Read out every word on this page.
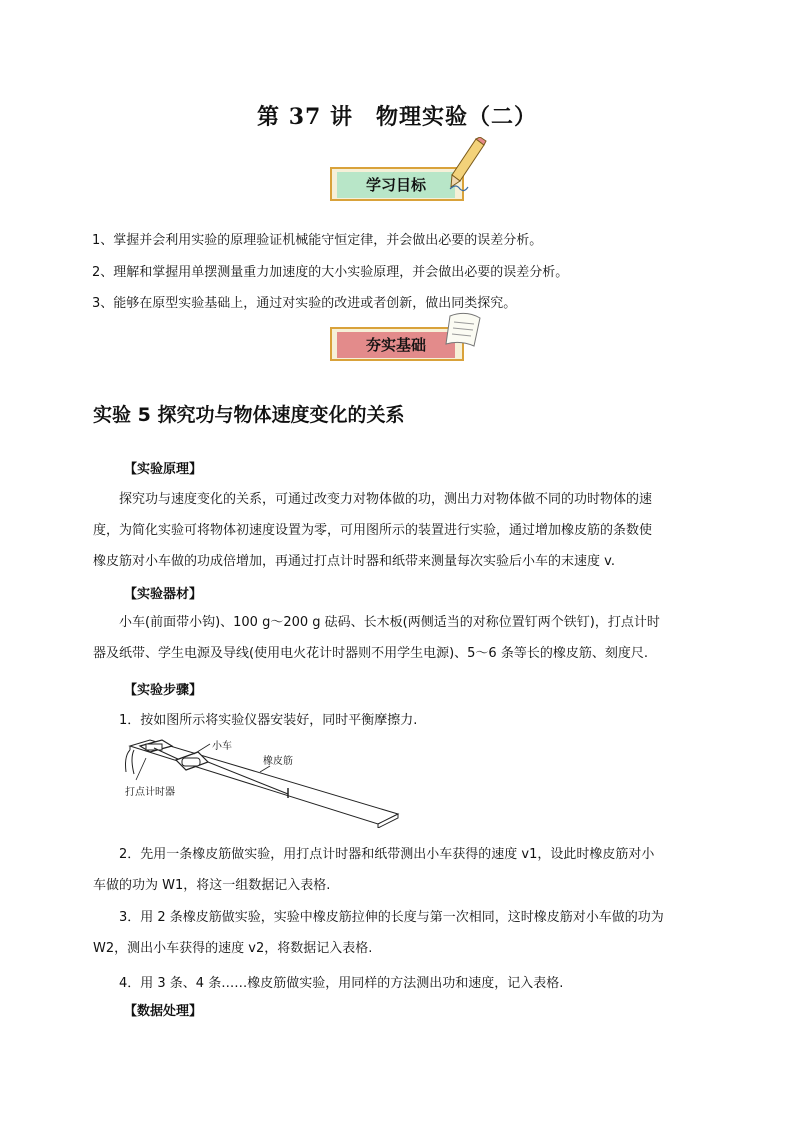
第 37 讲　物理实验（二）
学习目标
1、掌握并会利用实验的原理验证机械能守恒定律，并会做出必要的误差分析。
2、理解和掌握用单摆测量重力加速度的大小实验原理，并会做出必要的误差分析。
3、能够在原型实验基础上，通过对实验的改进或者创新，做出同类探究。
夯实基础
实验 5 探究功与物体速度变化的关系
【实验原理】
探究功与速度变化的关系，可通过改变力对物体做的功，测出力对物体做不同的功时物体的速
度，为简化实验可将物体初速度设置为零，可用图所示的装置进行实验，通过增加橡皮筋的条数使
橡皮筋对小车做的功成倍增加，再通过打点计时器和纸带来测量每次实验后小车的末速度 v.
【实验器材】
小车(前面带小钩)、100 g～200 g 砝码、长木板(两侧适当的对称位置钉两个铁钉)，打点计时
器及纸带、学生电源及导线(使用电火花计时器则不用学生电源)、5～6 条等长的橡皮筋、刻度尺.
【实验步骤】
1．按如图所示将实验仪器安装好，同时平衡摩擦力.
小车
橡皮筋
打点计时器
2．先用一条橡皮筋做实验，用打点计时器和纸带测出小车获得的速度 v1，设此时橡皮筋对小
车做的功为 W1，将这一组数据记入表格.
3．用 2 条橡皮筋做实验，实验中橡皮筋拉伸的长度与第一次相同，这时橡皮筋对小车做的功为
W2，测出小车获得的速度 v2，将数据记入表格.
4．用 3 条、4 条……橡皮筋做实验，用同样的方法测出功和速度，记入表格.
【数据处理】
